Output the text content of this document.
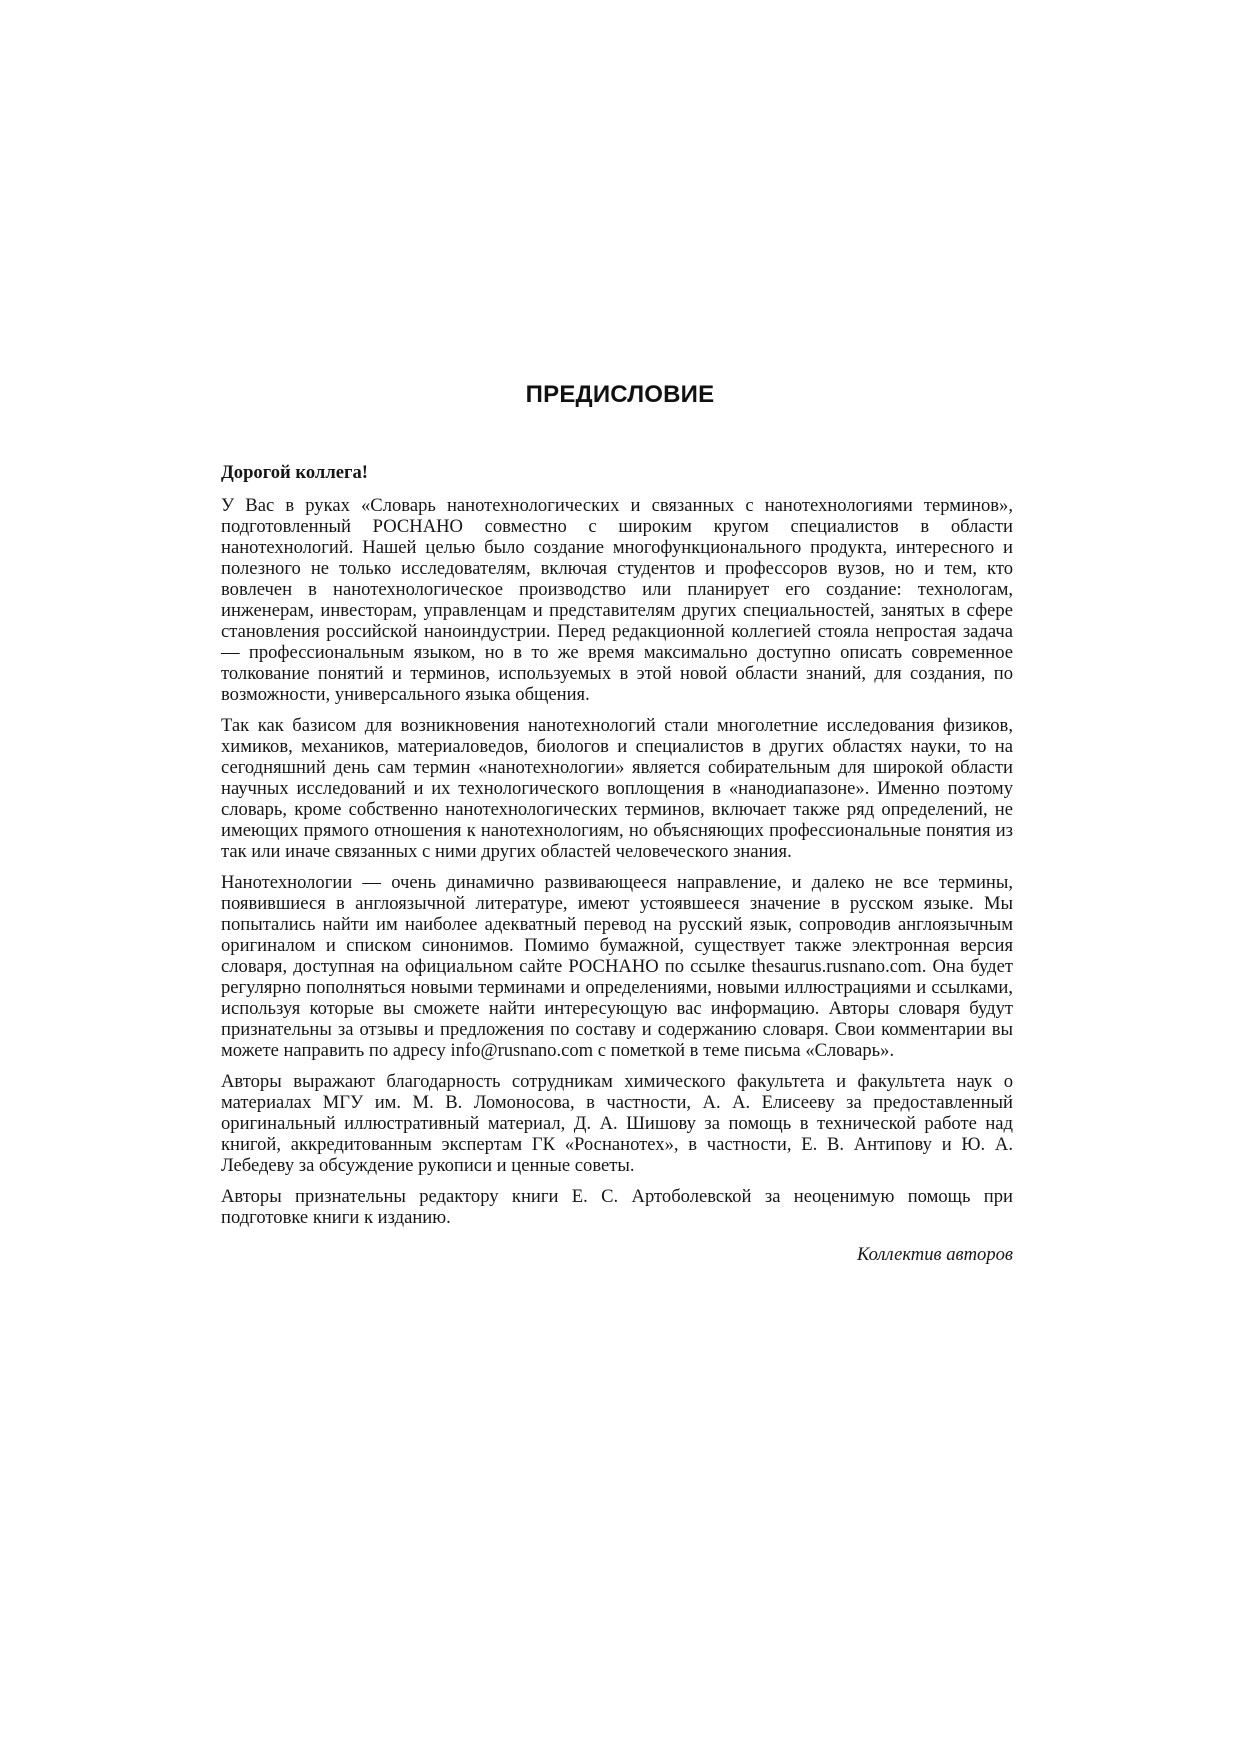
ПРЕДИСЛОВИЕ

Дорогой коллега!

У Вас в руках «Словарь нанотехнологических и связанных с нанотехнологиями терминов», подготовленный РОСНАНО совместно с широким кругом специалистов в области нанотехнологий. Нашей целью было создание многофункционального продукта, интересного и полезного не только исследователям, включая студентов и профессоров вузов, но и тем, кто вовлечен в нанотехнологическое производство или планирует его создание: технологам, инженерам, инвесторам, управленцам и представителям других специальностей, занятых в сфере становления российской наноиндустрии. Перед редакционной коллегией стояла непростая задача — профессиональным языком, но в то же время максимально доступно описать современное толкование понятий и терминов, используемых в этой новой области знаний, для создания, по возможности, универсального языка общения.

Так как базисом для возникновения нанотехнологий стали многолетние исследования физиков, химиков, механиков, материаловедов, биологов и специалистов в других областях науки, то на сегодняшний день сам термин «нанотехнологии» является собирательным для широкой области научных исследований и их технологического воплощения в «нанодиапазоне». Именно поэтому словарь, кроме собственно нанотехнологических терминов, включает также ряд определений, не имеющих прямого отношения к нанотехнологиям, но объясняющих профессиональные понятия из так или иначе связанных с ними других областей человеческого знания.

Нанотехнологии — очень динамично развивающееся направление, и далеко не все термины, появившиеся в англоязычной литературе, имеют устоявшееся значение в русском языке. Мы попытались найти им наиболее адекватный перевод на русский язык, сопроводив англоязычным оригиналом и списком синонимов. Помимо бумажной, существует также электронная версия словаря, доступная на официальном сайте РОСНАНО по ссылке thesaurus.rusnano.com. Она будет регулярно пополняться новыми терминами и определениями, новыми иллюстрациями и ссылками, используя которые вы сможете найти интересующую вас информацию. Авторы словаря будут признательны за отзывы и предложения по составу и содержанию словаря. Свои комментарии вы можете направить по адресу info@rusnano.com с пометкой в теме письма «Словарь».

Авторы выражают благодарность сотрудникам химического факультета и факультета наук о материалах МГУ им. М. В. Ломоносова, в частности, А. А. Елисееву за предоставленный оригинальный иллюстративный материал, Д. А. Шишову за помощь в технической работе над книгой, аккредитованным экспертам ГК «Роснанотех», в частности, Е. В. Антипову и Ю. А. Лебедеву за обсуждение рукописи и ценные советы.

Авторы признательны редактору книги Е. С. Артоболевской за неоценимую помощь при подготовке книги к изданию.

Коллектив авторов
